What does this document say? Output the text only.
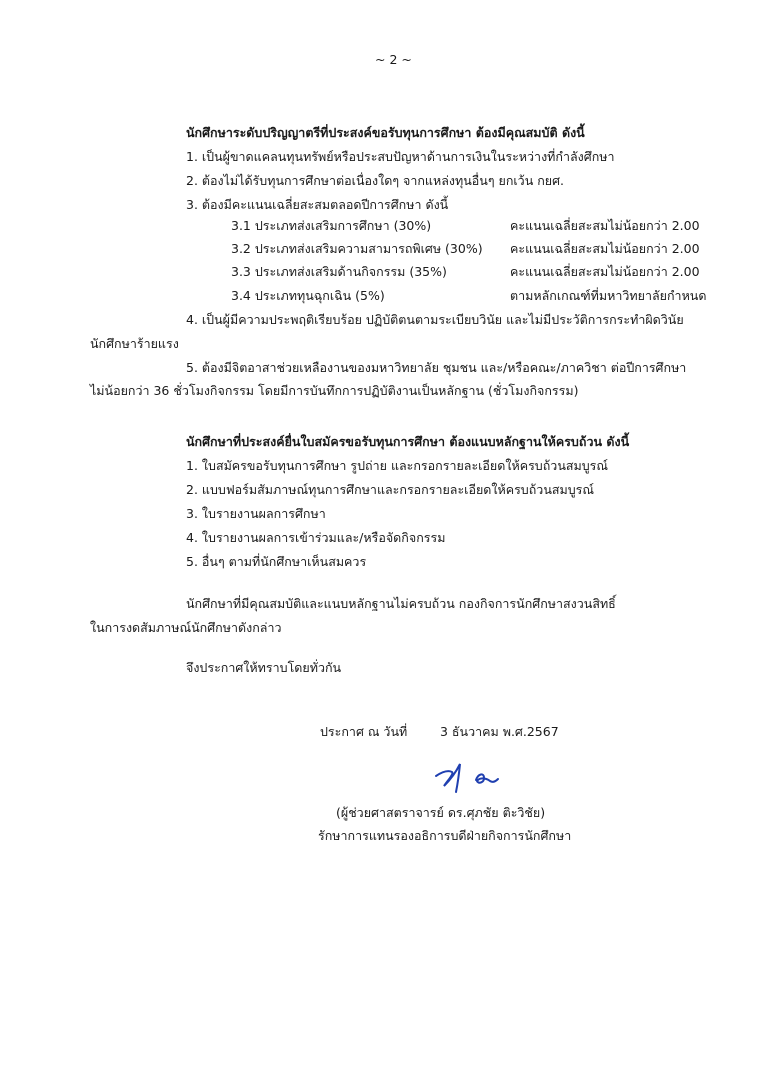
~ 2 ~
นักศึกษาระดับปริญญาตรีที่ประสงค์ขอรับทุนการศึกษา ต้องมีคุณสมบัติ ดังนี้
1. เป็นผู้ขาดแคลนทุนทรัพย์หรือประสบปัญหาด้านการเงินในระหว่างที่กำลังศึกษา
2. ต้องไม่ได้รับทุนการศึกษาต่อเนื่องใดๆ จากแหล่งทุนอื่นๆ ยกเว้น กยศ.
3. ต้องมีคะแนนเฉลี่ยสะสมตลอดปีการศึกษา ดังนี้
3.1 ประเภทส่งเสริมการศึกษา (30%)	คะแนนเฉลี่ยสะสมไม่น้อยกว่า 2.00
3.2 ประเภทส่งเสริมความสามารถพิเศษ (30%) คะแนนเฉลี่ยสะสมไม่น้อยกว่า 2.00
3.3 ประเภทส่งเสริมด้านกิจกรรม (35%)	คะแนนเฉลี่ยสะสมไม่น้อยกว่า 2.00
3.4 ประเภททุนฉุกเฉิน (5%)	ตามหลักเกณฑ์ที่มหาวิทยาลัยกำหนด
4. เป็นผู้มีความประพฤติเรียบร้อย ปฏิบัติตนตามระเบียบวินัย และไม่มีประวัติการกระทำผิดวินัย
นักศึกษาร้ายแรง
5. ต้องมีจิตอาสาช่วยเหลืองานของมหาวิทยาลัย ชุมชน และ/หรือคณะ/ภาควิชา ต่อปีการศึกษา
ไม่น้อยกว่า 36 ชั่วโมงกิจกรรม โดยมีการบันทึกการปฏิบัติงานเป็นหลักฐาน (ชั่วโมงกิจกรรม)
นักศึกษาที่ประสงค์ยื่นใบสมัครขอรับทุนการศึกษา ต้องแนบหลักฐานให้ครบถ้วน ดังนี้
1. ใบสมัครขอรับทุนการศึกษา รูปถ่าย และกรอกรายละเอียดให้ครบถ้วนสมบูรณ์
2. แบบฟอร์มสัมภาษณ์ทุนการศึกษาและกรอกรายละเอียดให้ครบถ้วนสมบูรณ์
3. ใบรายงานผลการศึกษา
4. ใบรายงานผลการเข้าร่วมและ/หรือจัดกิจกรรม
5. อื่นๆ ตามที่นักศึกษาเห็นสมควร
นักศึกษาที่มีคุณสมบัติและแนบหลักฐานไม่ครบถ้วน กองกิจการนักศึกษาสงวนสิทธิ์
ในการงดสัมภาษณ์นักศึกษาดังกล่าว
จึงประกาศให้ทราบโดยทั่วกัน
ประกาศ ณ วันที่	3 ธันวาคม พ.ศ.2567
(ผู้ช่วยศาสตราจารย์ ดร.ศุภชัย ติะวิชัย)
รักษาการแทนรองอธิการบดีฝ่ายกิจการนักศึกษา
